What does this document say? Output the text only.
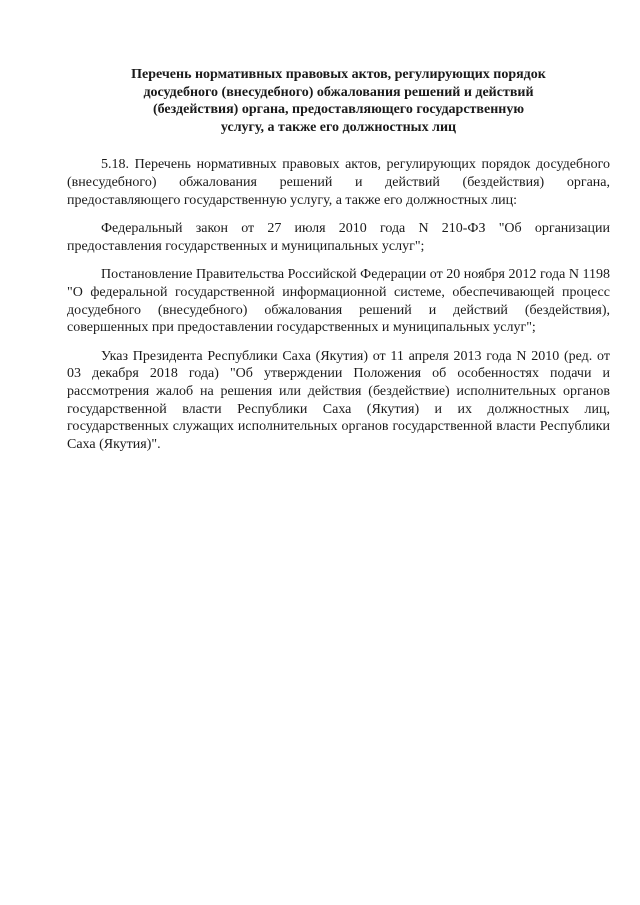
Перечень нормативных правовых актов, регулирующих порядок
досудебного (внесудебного) обжалования решений и действий
(бездействия) органа, предоставляющего государственную
услугу, а также его должностных лиц

5.18. Перечень нормативных правовых актов, регулирующих порядок досудебного (внесудебного) обжалования решений и действий (бездействия) органа, предоставляющего государственную услугу, а также его должностных лиц:

Федеральный закон от 27 июля 2010 года N 210-ФЗ "Об организации предоставления государственных и муниципальных услуг";

Постановление Правительства Российской Федерации от 20 ноября 2012 года N 1198 "О федеральной государственной информационной системе, обеспечивающей процесс досудебного (внесудебного) обжалования решений и действий (бездействия), совершенных при предоставлении государственных и муниципальных услуг";

Указ Президента Республики Саха (Якутия) от 11 апреля 2013 года N 2010 (ред. от 03 декабря 2018 года) "Об утверждении Положения об особенностях подачи и рассмотрения жалоб на решения или действия (бездействие) исполнительных органов государственной власти Республики Саха (Якутия) и их должностных лиц, государственных служащих исполнительных органов государственной власти Республики Саха (Якутия)".
